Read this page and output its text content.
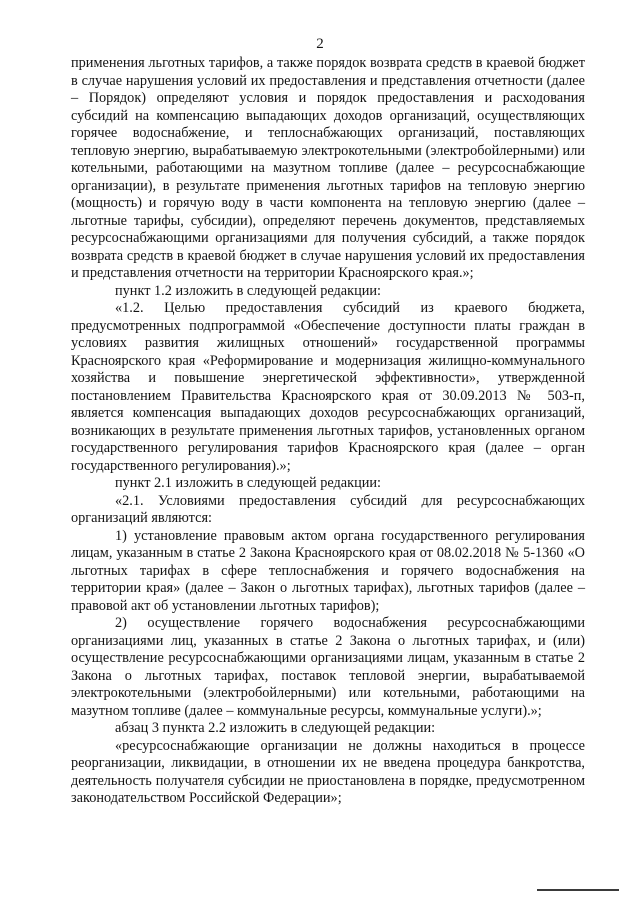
2

применения льготных тарифов, а также порядок возврата средств в краевой бюджет в случае нарушения условий их предоставления и представления отчетности (далее – Порядок) определяют условия и порядок предоставления и расходования субсидий на компенсацию выпадающих доходов организаций, осуществляющих горячее водоснабжение, и теплоснабжающих организаций, поставляющих тепловую энергию, вырабатываемую электрокотельными (электробойлерными) или котельными, работающими на мазутном топливе (далее – ресурсоснабжающие организации), в результате применения льготных тарифов на тепловую энергию (мощность) и горячую воду в части компонента на тепловую энергию (далее – льготные тарифы, субсидии), определяют перечень документов, представляемых ресурсоснабжающими организациями для получения субсидий, а также порядок возврата средств в краевой бюджет в случае нарушения условий их предоставления и представления отчетности на территории Красноярского края.»;

пункт 1.2 изложить в следующей редакции:

«1.2. Целью предоставления субсидий из краевого бюджета, предусмотренных подпрограммой «Обеспечение доступности платы граждан в условиях развития жилищных отношений» государственной программы Красноярского края «Реформирование и модернизация жилищно-коммунального хозяйства и повышение энергетической эффективности», утвержденной постановлением Правительства Красноярского края от 30.09.2013 № 503-п, является компенсация выпадающих доходов ресурсоснабжающих организаций, возникающих в результате применения льготных тарифов, установленных органом государственного регулирования тарифов Красноярского края (далее – орган государственного регулирования).»;

пункт 2.1 изложить в следующей редакции:

«2.1. Условиями предоставления субсидий для ресурсоснабжающих организаций являются:

1) установление правовым актом органа государственного регулирования лицам, указанным в статье 2 Закона Красноярского края от 08.02.2018 № 5-1360 «О льготных тарифах в сфере теплоснабжения и горячего водоснабжения на территории края» (далее – Закон о льготных тарифах), льготных тарифов (далее – правовой акт об установлении льготных тарифов);

2) осуществление горячего водоснабжения ресурсоснабжающими организациями лиц, указанных в статье 2 Закона о льготных тарифах, и (или) осуществление ресурсоснабжающими организациями лицам, указанным в статье 2 Закона о льготных тарифах, поставок тепловой энергии, вырабатываемой электрокотельными (электробойлерными) или котельными, работающими на мазутном топливе (далее – коммунальные ресурсы, коммунальные услуги).»;

абзац 3 пункта 2.2 изложить в следующей редакции:

«ресурсоснабжающие организации не должны находиться в процессе реорганизации, ликвидации, в отношении их не введена процедура банкротства, деятельность получателя субсидии не приостановлена в порядке, предусмотренном законодательством Российской Федерации»;
